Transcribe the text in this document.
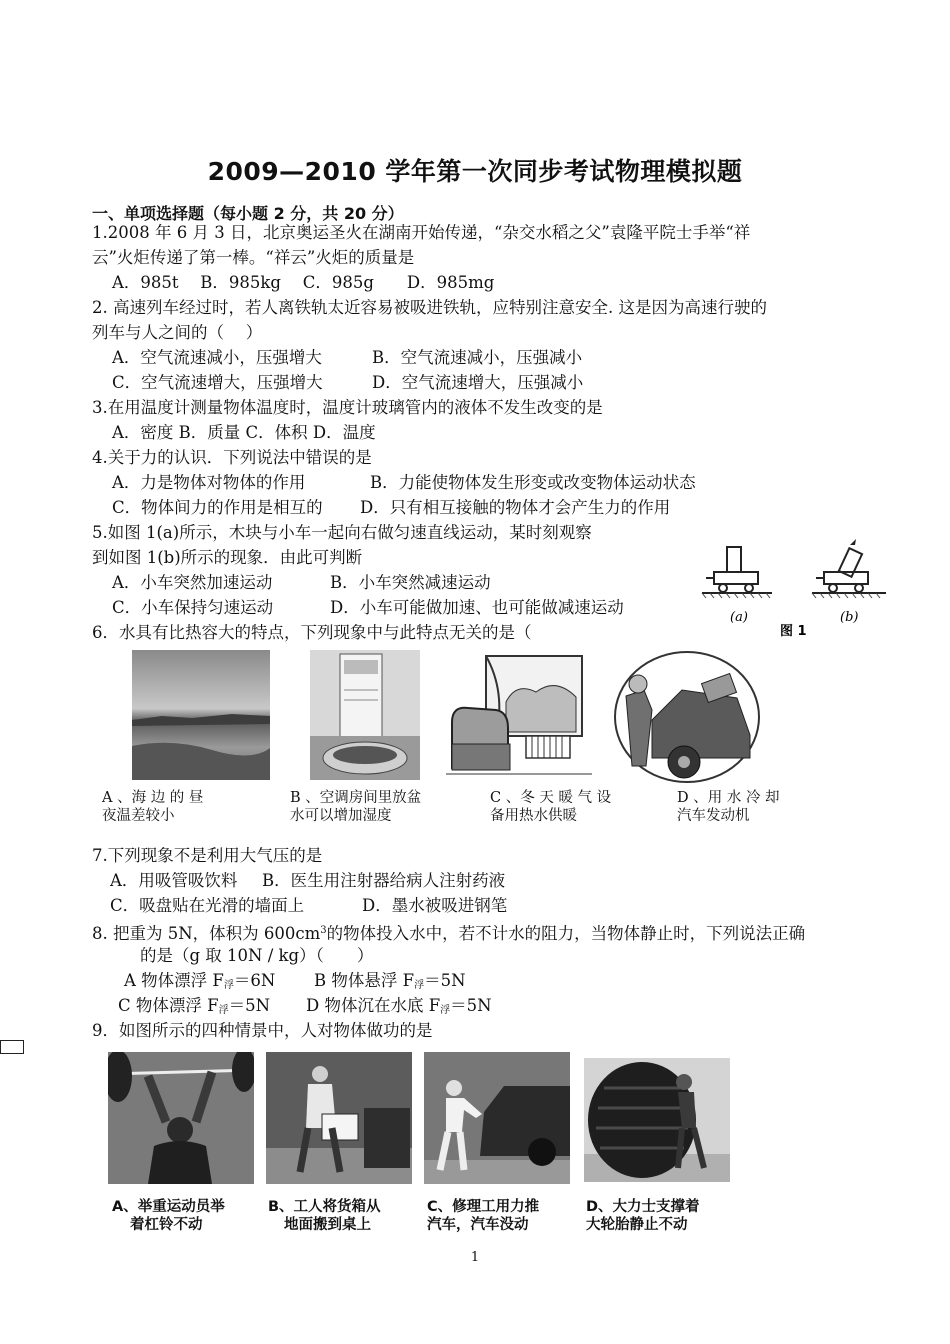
2009—2010 学年第一次同步考试物理模拟题
一、单项选择题（每小题 2 分，共 20 分）
1.2008 年 6 月 3 日，北京奥运圣火在湖南开始传递，“杂交水稻之父”袁隆平院士手举“祥
云”火炬传递了第一棒。“祥云”火炬的质量是
A．985t　 B．985kg　 C．985g　　D．985mg
2. 高速列车经过时，若人离铁轨太近容易被吸进铁轨，应特别注意安全. 这是因为高速行驶的
列车与人之间的（　 ）
A．空气流速减小，压强增大	B．空气流速减小，压强减小
C．空气流速增大，压强增大	D．空气流速增大，压强减小
3.在用温度计测量物体温度时，温度计玻璃管内的液体不发生改变的是
A．密度 B．质量 C．体积 D．温度
4.关于力的认识．下列说法中错误的是
A．力是物体对物体的作用	B．力能使物体发生形变或改变物体运动状态
C．物体间力的作用是相互的 D．只有相互接触的物体才会产生力的作用
5.如图 1(a)所示，木块与小车一起向右做匀速直线运动，某时刻观察
到如图 1(b)所示的现象．由此可判断
A．小车突然加速运动	B．小车突然减速运动
C．小车保持匀速运动	D．小车可能做加速、也可能做减速运动
(a)	(b)
图 1
6．水具有比热容大的特点，下列现象中与此特点无关的是（
A 、海 边 的 昼
夜温差较小
B 、空调房间里放盆
水可以增加湿度
C 、冬 天 暖 气 设
备用热水供暖
D 、用 水 冷 却
汽车发动机
7.下列现象不是利用大气压的是
A．用吸管吸饮料 B．医生用注射器给病人注射药液
C．吸盘贴在光滑的墙面上	D．墨水被吸进钢笔
8. 把重为 5N，体积为 $600cm^3$的物体投入水中，若不计水的阻力，当物体静止时，下列说法正确
的是（g 取 10N / kg）（　　）
A 物体漂浮 $F_浮=6N$ B 物体悬浮 $F_浮=5N$
C 物体漂浮 $F_浮=5N$ D 物体沉在水底 $F_浮=5N$
9．如图所示的四种情景中，人对物体做功的是
A、举重运动员举
着杠铃不动
B、工人将货箱从
地面搬到桌上
C、修理工用力推
汽车，汽车没动
D、大力士支撑着
大轮胎静止不动
1
